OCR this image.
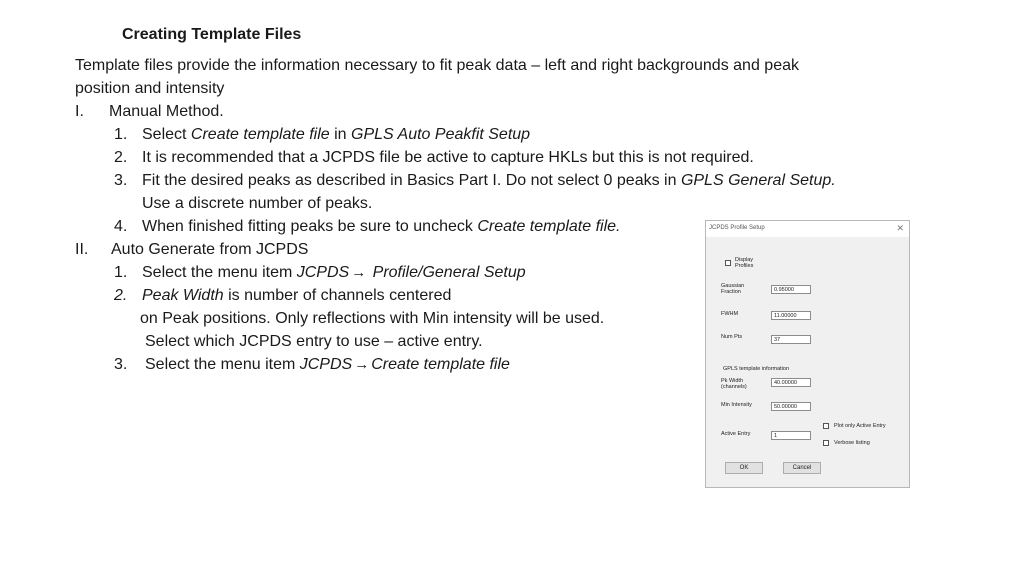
Creating Template Files
Template files provide the information necessary to fit peak data – left and right backgrounds and peak
position and intensity
I. Manual Method.
1. Select Create template file in GPLS Auto Peakfit Setup
2. It is recommended that a JCPDS file be active to capture HKLs but this is not required.
3. Fit the desired peaks as described in Basics Part I. Do not select 0 peaks in GPLS General Setup.
Use a discrete number of peaks.
4. When finished fitting peaks be sure to uncheck Create template file.
II. Auto Generate from JCPDS
1. Select the menu item JCPDS → Profile/General Setup
2. Peak Width is number of channels centered
on Peak positions. Only reflections with Min intensity will be used.
Select which JCPDS entry to use – active entry.
3. Select the menu item JCPDS → Create template file
JCPDS Profile Setup	✕
Display
Profiles
Gaussian
Fraction	0.95000
FWHM	11.00000
Num Pts	37
GPLS template information
Pk Width
(channels)
40.00000
Min Intensity	50.00000
Plot only Active Entry
Active Entry	1
Verbose listing
OK	Cancel
